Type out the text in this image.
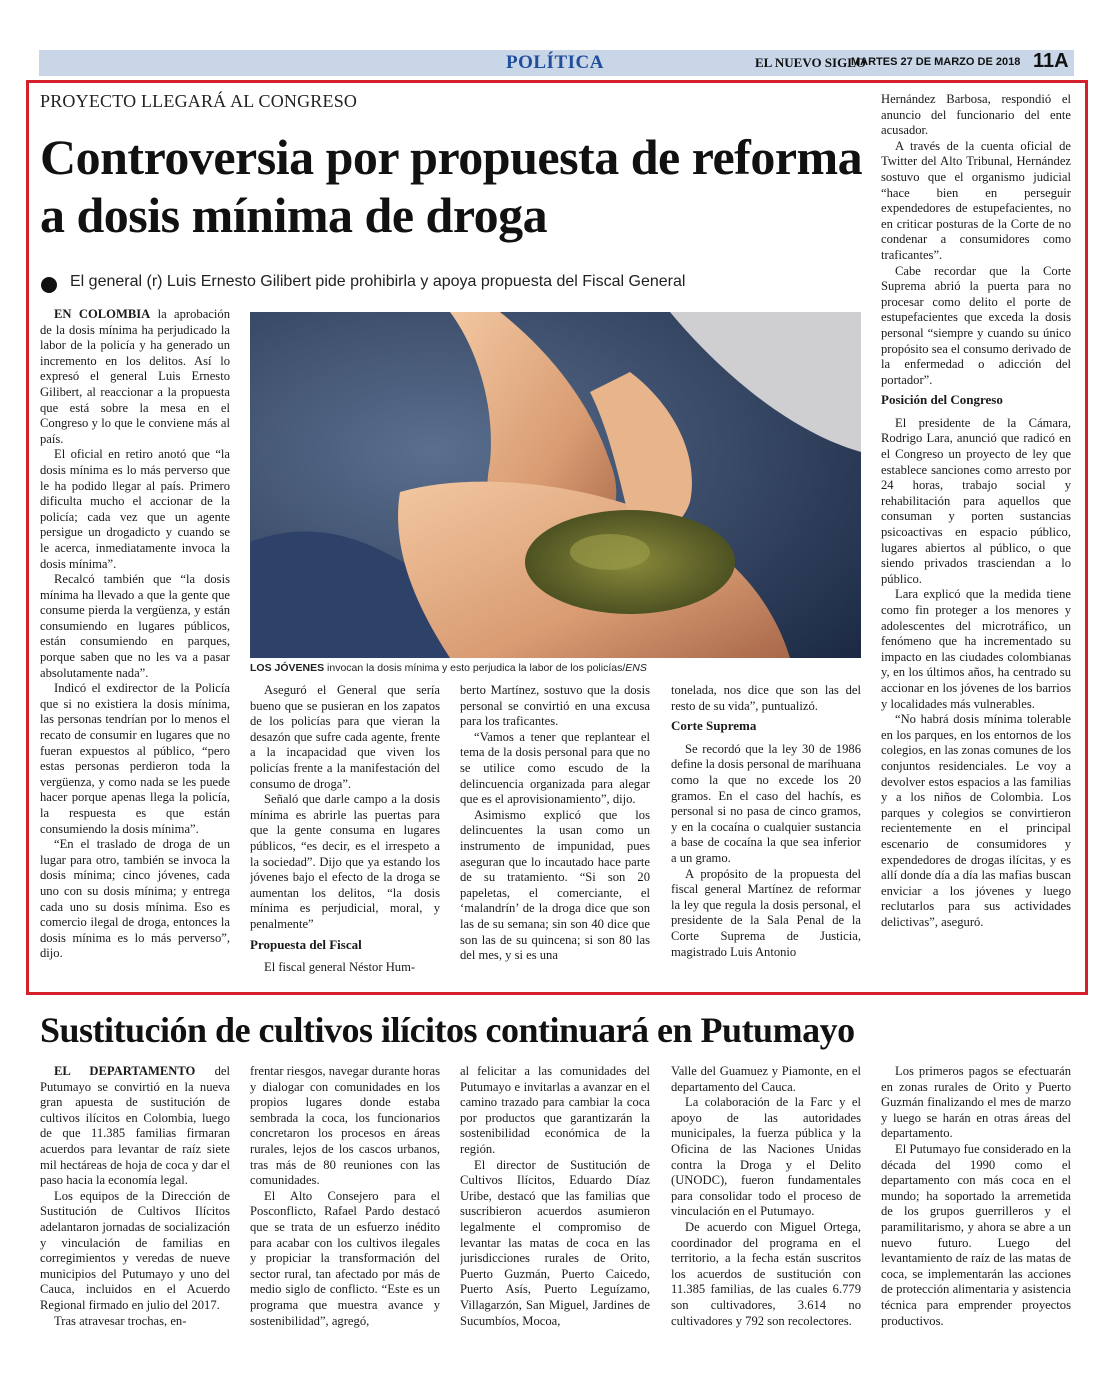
POLÍTICA	EL NUEVO SIGLO
MARTES 27 DE MARZO DE 2018 11A
PROYECTO LLEGARÁ AL CONGRESO
Controversia por propuesta de reforma a dosis mínima de droga
El general (r) Luis Ernesto Gilibert pide prohibirla y apoya propuesta del Fiscal General

EN COLOMBIA la aprobación de la dosis mínima ha perjudicado la labor de la policía y ha generado un incremento en los delitos. Así lo expresó el general Luis Ernesto Gilibert, al reaccionar a la propuesta que está sobre la mesa en el Congreso y lo que le conviene más al país.

El oficial en retiro anotó que “la dosis mínima es lo más perverso que le ha podido llegar al país. Primero dificulta mucho el accionar de la policía; cada vez que un agente persigue un drogadicto y cuando se le acerca, inmediatamente invoca la dosis mínima”.

Recalcó también que “la dosis mínima ha llevado a que la gente que consume pierda la vergüenza, y están consumiendo en lugares públicos, están consumiendo en parques, porque saben que no les va a pasar absolutamente nada”.

Indicó el exdirector de la Policía que si no existiera la dosis mínima, las personas tendrían por lo menos el recato de consumir en lugares que no fueran expuestos al público, “pero estas personas perdieron toda la vergüenza, y como nada se les puede hacer porque apenas llega la policía, la respuesta es que están consumiendo la dosis mínima”.

“En el traslado de droga de un lugar para otro, también se invoca la dosis mínima; cinco jóvenes, cada uno con su dosis mínima; y entrega cada uno su dosis mínima. Eso es comercio ilegal de droga, entonces la dosis mínima es lo más perverso”, dijo.

LOS JÓVENES invocan la dosis mínima y esto perjudica la labor de los policías/ENS

Aseguró el General que sería bueno que se pusieran en los zapatos de los policías para que vieran la desazón que sufre cada agente, frente a la incapacidad que viven los policías frente a la manifestación del consumo de droga”.

Señaló que darle campo a la dosis mínima es abrirle las puertas para que la gente consuma en lugares públicos, “es decir, es el irrespeto a la sociedad”. Dijo que ya estando los jóvenes bajo el efecto de la droga se aumentan los delitos, “la dosis mínima es perjudicial, moral, y penalmente”

Propuesta del Fiscal

El fiscal general Néstor Hum-

berto Martínez, sostuvo que la dosis personal se convirtió en una excusa para los traficantes.

“Vamos a tener que replantear el tema de la dosis personal para que no se utilice como escudo de la delincuencia organizada para alegar que es el aprovisionamiento”, dijo.

Asimismo explicó que los delincuentes la usan como un instrumento de impunidad, pues aseguran que lo incautado hace parte de su tratamiento. “Si son 20 papeletas, el comerciante, el ‘malandrín’ de la droga dice que son las de su semana; sin son 40 dice que son las de su quincena; si son 80 las del mes, y si es una

tonelada, nos dice que son las del resto de su vida”, puntualizó.

Corte Suprema

Se recordó que la ley 30 de 1986 define la dosis personal de marihuana como la que no excede los 20 gramos. En el caso del hachís, es personal si no pasa de cinco gramos, y en la cocaína o cualquier sustancia a base de cocaína la que sea inferior a un gramo.

A propósito de la propuesta del fiscal general Martínez de reformar la ley que regula la dosis personal, el presidente de la Sala Penal de la Corte Suprema de Justicia, magistrado Luis Antonio

Hernández Barbosa, respondió el anuncio del funcionario del ente acusador.

A través de la cuenta oficial de Twitter del Alto Tribunal, Hernández sostuvo que el organismo judicial “hace bien en perseguir expendedores de estupefacientes, no en criticar posturas de la Corte de no condenar a consumidores como traficantes”.

Cabe recordar que la Corte Suprema abrió la puerta para no procesar como delito el porte de estupefacientes que exceda la dosis personal “siempre y cuando su único propósito sea el consumo derivado de la enfermedad o adicción del portador”.

Posición del Congreso

El presidente de la Cámara, Rodrigo Lara, anunció que radicó en el Congreso un proyecto de ley que establece sanciones como arresto por 24 horas, trabajo social y rehabilitación para aquellos que consuman y porten sustancias psicoactivas en espacio público, lugares abiertos al público, o que siendo privados trasciendan a lo público.

Lara explicó que la medida tiene como fin proteger a los menores y adolescentes del microtráfico, un fenómeno que ha incrementado su impacto en las ciudades colombianas y, en los últimos años, ha centrado su accionar en los jóvenes de los barrios y localidades más vulnerables.

“No habrá dosis mínima tolerable en los parques, en los entornos de los colegios, en las zonas comunes de los conjuntos residenciales. Le voy a devolver estos espacios a las familias y a los niños de Colombia. Los parques y colegios se convirtieron recientemente en el principal escenario de consumidores y expendedores de drogas ilícitas, y es allí donde día a día las mafias buscan enviciar a los jóvenes y luego reclutarlos para sus actividades delictivas”, aseguró.

Sustitución de cultivos ilícitos continuará en Putumayo

EL DEPARTAMENTO del Putumayo se convirtió en la nueva gran apuesta de sustitución de cultivos ilícitos en Colombia, luego de que 11.385 familias firmaran acuerdos para levantar de raíz siete mil hectáreas de hoja de coca y dar el paso hacia la economía legal.

Los equipos de la Dirección de Sustitución de Cultivos Ilícitos adelantaron jornadas de socialización y vinculación de familias en corregimientos y veredas de nueve municipios del Putumayo y uno del Cauca, incluidos en el Acuerdo Regional firmado en julio del 2017.

Tras atravesar trochas, en-

frentar riesgos, navegar durante horas y dialogar con comunidades en los propios lugares donde estaba sembrada la coca, los funcionarios concretaron los procesos en áreas rurales, lejos de los cascos urbanos, tras más de 80 reuniones con las comunidades.

El Alto Consejero para el Posconflicto, Rafael Pardo destacó que se trata de un esfuerzo inédito para acabar con los cultivos ilegales y propiciar la transformación del sector rural, tan afectado por más de medio siglo de conflicto. “Este es un programa que muestra avance y sostenibilidad”, agregó,

al felicitar a las comunidades del Putumayo e invitarlas a avanzar en el camino trazado para cambiar la coca por productos que garantizarán la sostenibilidad económica de la región.

El director de Sustitución de Cultivos Ilícitos, Eduardo Díaz Uribe, destacó que las familias que suscribieron acuerdos asumieron legalmente el compromiso de levantar las matas de coca en las jurisdicciones rurales de Orito, Puerto Guzmán, Puerto Caicedo, Puerto Asís, Puerto Leguízamo, Villagarzón, San Miguel, Jardines de Sucumbíos, Mocoa,

Valle del Guamuez y Piamonte, en el departamento del Cauca.

La colaboración de la Farc y el apoyo de las autoridades municipales, la fuerza pública y la Oficina de las Naciones Unidas contra la Droga y el Delito (UNODC), fueron fundamentales para consolidar todo el proceso de vinculación en el Putumayo.

De acuerdo con Miguel Ortega, coordinador del programa en el territorio, a la fecha están suscritos los acuerdos de sustitución con 11.385 familias, de las cuales 6.779 son cultivadores, 3.614 no cultivadores y 792 son recolectores.

Los primeros pagos se efectuarán en zonas rurales de Orito y Puerto Guzmán finalizando el mes de marzo y luego se harán en otras áreas del departamento.

El Putumayo fue considerado en la década del 1990 como el departamento con más coca en el mundo; ha soportado la arremetida de los grupos guerrilleros y el paramilitarismo, y ahora se abre a un nuevo futuro. Luego del levantamiento de raíz de las matas de coca, se implementarán las acciones de protección alimentaria y asistencia técnica para emprender proyectos productivos.
